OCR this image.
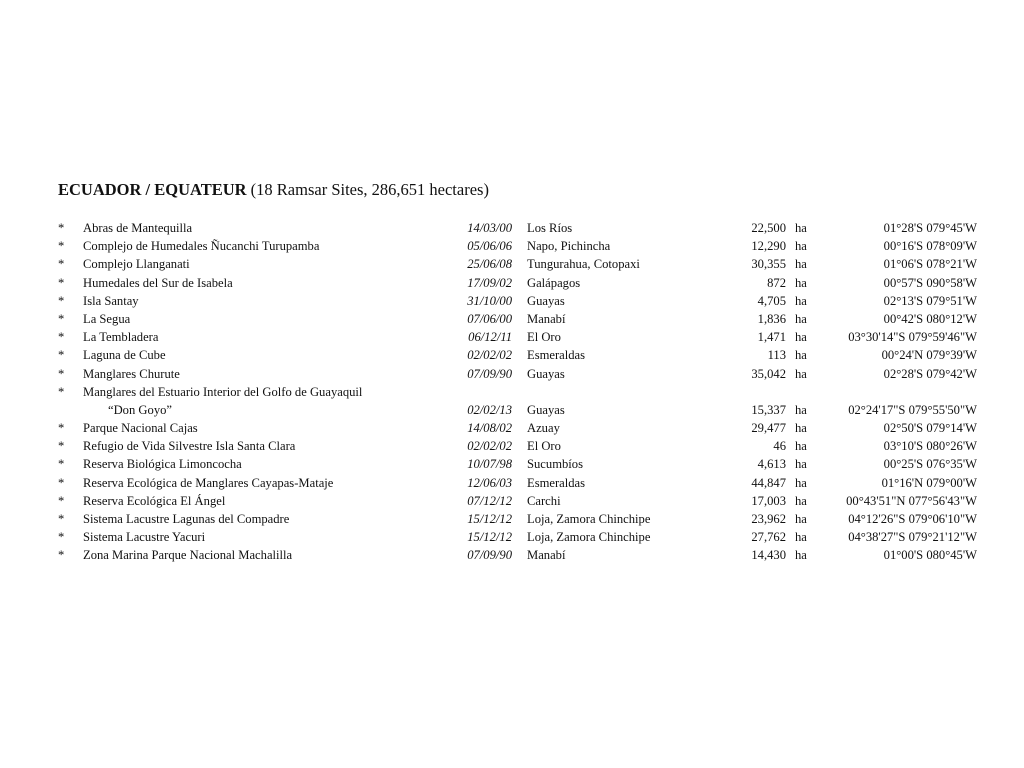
ECUADOR / EQUATEUR (18 Ramsar Sites, 286,651 hectares)
* Abras de Mantequilla	14/03/00 Los Ríos	22,500 ha	01°28'S 079°45'W
* Complejo de Humedales Ñucanchi Turupamba	05/06/06 Napo, Pichincha	12,290 ha	00°16'S 078°09'W
* Complejo Llanganati	25/06/08 Tungurahua, Cotopaxi	30,355 ha	01°06'S 078°21'W
* Humedales del Sur de Isabela	17/09/02 Galápagos	872 ha	00°57'S 090°58'W
* Isla Santay	31/10/00 Guayas	4,705 ha	02°13'S 079°51'W
* La Segua	07/06/00 Manabí	1,836 ha	00°42'S 080°12'W
* La Tembladera	06/12/11 El Oro	1,471 ha	03°30'14"S 079°59'46"W
* Laguna de Cube	02/02/02 Esmeraldas	113 ha	00°24'N 079°39'W
* Manglares Churute	07/09/90 Guayas	35,042 ha	02°28'S 079°42'W
* Manglares del Estuario Interior del Golfo de Guayaquil
“Don Goyo”	02/02/13 Guayas	15,337 ha	02°24'17"S 079°55'50"W
* Parque Nacional Cajas	14/08/02 Azuay	29,477 ha	02°50'S 079°14'W
* Refugio de Vida Silvestre Isla Santa Clara	02/02/02 El Oro	46 ha	03°10'S 080°26'W
* Reserva Biológica Limoncocha	10/07/98 Sucumbíos	4,613 ha	00°25'S 076°35'W
* Reserva Ecológica de Manglares Cayapas-Mataje	12/06/03 Esmeraldas	44,847 ha	01°16'N 079°00'W
* Reserva Ecológica El Ángel	07/12/12 Carchi	17,003 ha	00°43'51"N 077°56'43"W
* Sistema Lacustre Lagunas del Compadre	15/12/12 Loja, Zamora Chinchipe	23,962 ha	04°12'26"S 079°06'10"W
* Sistema Lacustre Yacuri	15/12/12 Loja, Zamora Chinchipe	27,762 ha	04°38'27"S 079°21'12"W
* Zona Marina Parque Nacional Machalilla	07/09/90 Manabí	14,430 ha	01°00'S 080°45'W
